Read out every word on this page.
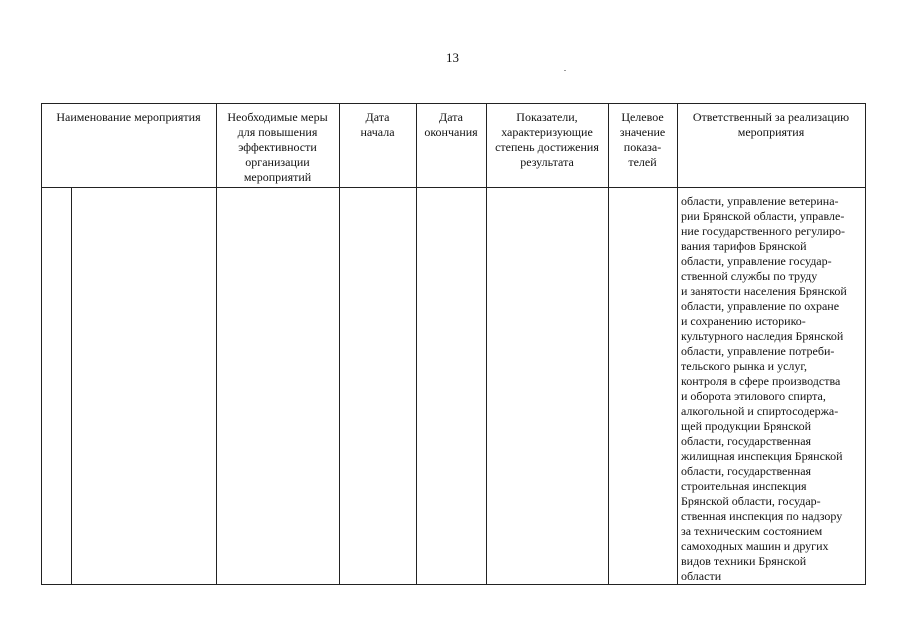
13
Наименование мероприятия	Необходимые меры
для повышения
эффективности
организации
мероприятий
Дата
начала
Дата
окончания
Показатели,
характеризующие
степень достижения
результата
Целевое
значение
показа-
телей
Ответственный за реализацию
мероприятия
области, управление ветерина-
рии Брянской области, управле-
ние государственного регулиро-
вания тарифов Брянской
области, управление государ-
ственной службы по труду
и занятости населения Брянской
области, управление по охране
и сохранению историко-
культурного наследия Брянской
области, управление потреби-
тельского рынка и услуг,
контроля в сфере производства
и оборота этилового спирта,
алкогольной и спиртосодержа-
щей продукции Брянской
области, государственная
жилищная инспекция Брянской
области, государственная
строительная инспекция
Брянской области, государ-
ственная инспекция по надзору
за техническим состоянием
самоходных машин и других
видов техники Брянской
области
